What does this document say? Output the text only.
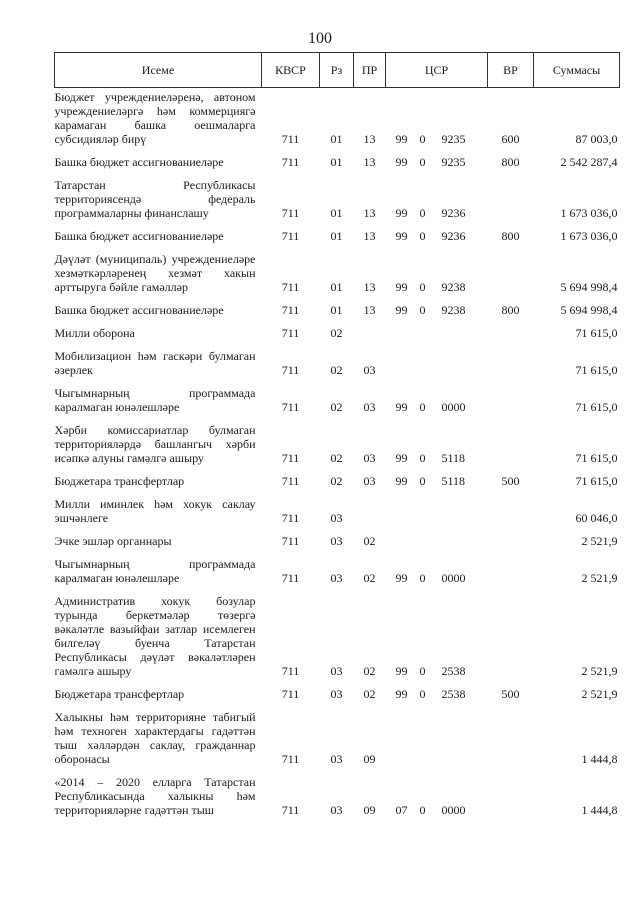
100
Исеме	КВСР	Рз	ПР	ЦСР			ВР	Суммасы
Бюджет учреждениеләренә, автоном учреждениеләргә һәм коммерциягә карамаган башка оешмаларга субсидияләр бирү	711	01	13	99	0	9235	600	87 003,0
Башка бюджет ассигнованиеләре	711	01	13	99	0	9235	800	2 542 287,4
Татарстан Республикасы территориясендә федераль программаларны финанслашу	711	01	13	99	0	9236		1 673 036,0
Башка бюджет ассигнованиеләре	711	01	13	99	0	9236	800	1 673 036,0
Дәүләт (муниципаль) учреждениеләре хезмәткәрләренең хезмәт хакын арттыруга бәйле гамәлләр	711	01	13	99	0	9238		5 694 998,4
Башка бюджет ассигнованиеләре	711	01	13	99	0	9238	800	5 694 998,4
Милли оборона	711	02						71 615,0
Мобилизацион һәм гаскәри булмаган әзерлек	711	02	03					71 615,0
Чыгымнарның программада каралмаган юнәлешләре	711	02	03	99	0	0000		71 615,0
Хәрби комиссариатлар булмаган территорияләрдә башлангыч хәрби исәпкә алуны гамәлгә ашыру	711	02	03	99	0	5118		71 615,0
Бюджетара трансфертлар	711	02	03	99	0	5118	500	71 615,0
Милли иминлек һәм хокук саклау эшчәнлеге	711	03						60 046,0
Эчке эшләр органнары	711	03	02					2 521,9
Чыгымнарның программада каралмаган юнәлешләре	711	03	02	99	0	0000		2 521,9
Административ хокук бозулар турында беркетмәләр төзергә вәкаләтле вазыйфаи затлар исемлеген билгеләү буенча Татарстан Республикасы дәүләт вәкаләтләрен гамәлгә ашыру	711	03	02	99	0	2538		2 521,9
Бюджетара трансфертлар	711	03	02	99	0	2538	500	2 521,9
Халыкны һәм территорияне табигый һәм техноген характердагы гадәттән тыш хәлләрдән саклау, гражданнар оборонасы	711	03	09					1 444,8
«2014 – 2020 елларга Татарстан Республикасында халыкны һәм территорияләрне гадәттән тыш	711	03	09	07	0	0000		1 444,8
